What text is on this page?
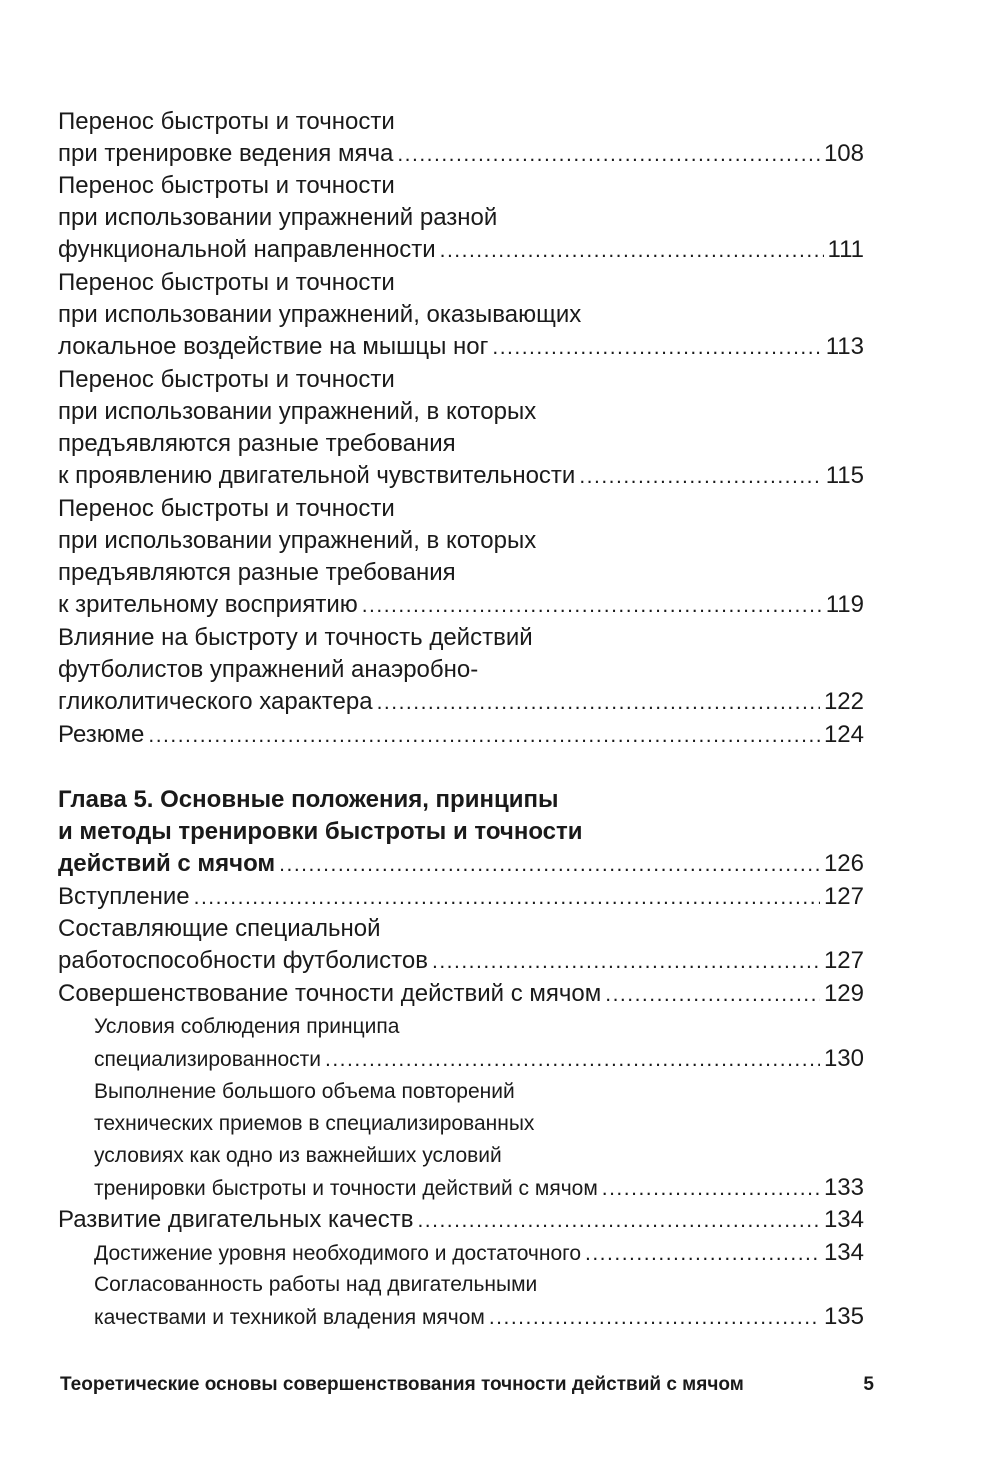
Перенос быстроты и точности
при тренировке ведения мяча .....	108
Перенос быстроты и точности
при использовании упражнений разной
функциональной направленности .....	111
Перенос быстроты и точности
при использовании упражнений, оказывающих
локальное воздействие на мышцы ног .....	113
Перенос быстроты и точности
при использовании упражнений, в которых
предъявляются разные требования
к проявлению двигательной чувствительности .....	115
Перенос быстроты и точности
при использовании упражнений, в которых
предъявляются разные требования
к зрительному восприятию .....	119
Влияние на быстроту и точность действий
футболистов упражнений анаэробно-
гликолитического характера .....	122
Резюме .....	124
Глава 5. Основные положения, принципы
и методы тренировки быстроты и точности
действий с мячом .....	126
Вступление .....	127
Составляющие специальной
работоспособности футболистов .....	127
Совершенствование точности действий с мячом .....	129
Условия соблюдения принципа
специализированности .....	130
Выполнение большого объема повторений
технических приемов в специализированных
условиях как одно из важнейших условий
тренировки быстроты и точности действий с мячом .....	133
Развитие двигательных качеств .....	134
Достижение уровня необходимого и достаточного .....	134
Согласованность работы над двигательными
качествами и техникой владения мячом .....	135
Теоретические основы совершенствования точности действий с мячом	5
